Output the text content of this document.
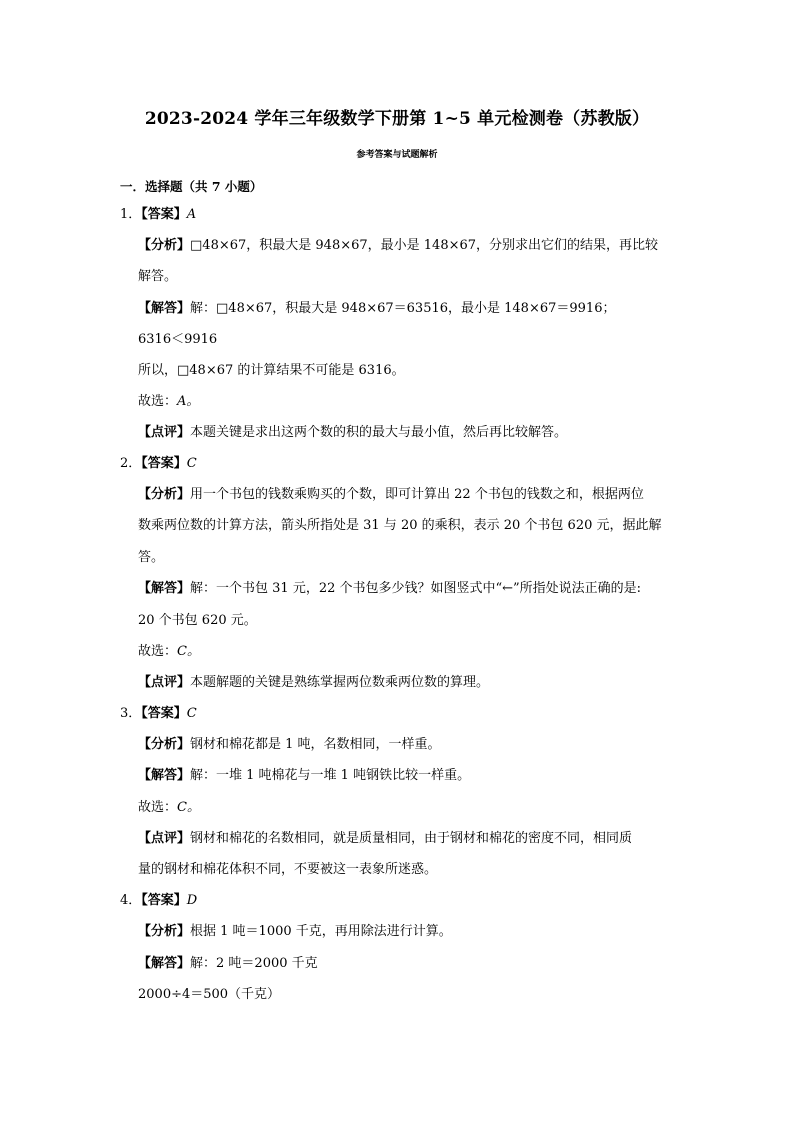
2023-2024 学年三年级数学下册第 1~5 单元检测卷（苏教版）
参考答案与试题解析
一．选择题（共 7 小题）
1．【答案】A
【分析】□48×67，积最大是 948×67，最小是 148×67，分别求出它们的结果，再比较
解答。
【解答】解：□48×67，积最大是 948×67＝63516，最小是 148×67＝9916；
6316＜9916
所以，□48×67 的计算结果不可能是 6316。
故选：A。
【点评】本题关键是求出这两个数的积的最大与最小值，然后再比较解答。
2．【答案】C
【分析】用一个书包的钱数乘购买的个数，即可计算出 22 个书包的钱数之和，根据两位
数乘两位数的计算方法，箭头所指处是 31 与 20 的乘积，表示 20 个书包 620 元，据此解
答。
【解答】解：一个书包 31 元，22 个书包多少钱？如图竖式中“←”所指处说法正确的是:
20 个书包 620 元。
故选：C。
【点评】本题解题的关键是熟练掌握两位数乘两位数的算理。
3．【答案】C
【分析】钢材和棉花都是 1 吨，名数相同，一样重。
【解答】解：一堆 1 吨棉花与一堆 1 吨钢铁比较一样重。
故选：C。
【点评】钢材和棉花的名数相同，就是质量相同，由于钢材和棉花的密度不同，相同质
量的钢材和棉花体积不同，不要被这一表象所迷惑。
4．【答案】D
【分析】根据 1 吨＝1000 千克，再用除法进行计算。
【解答】解：2 吨＝2000 千克
2000÷4＝500（千克）
